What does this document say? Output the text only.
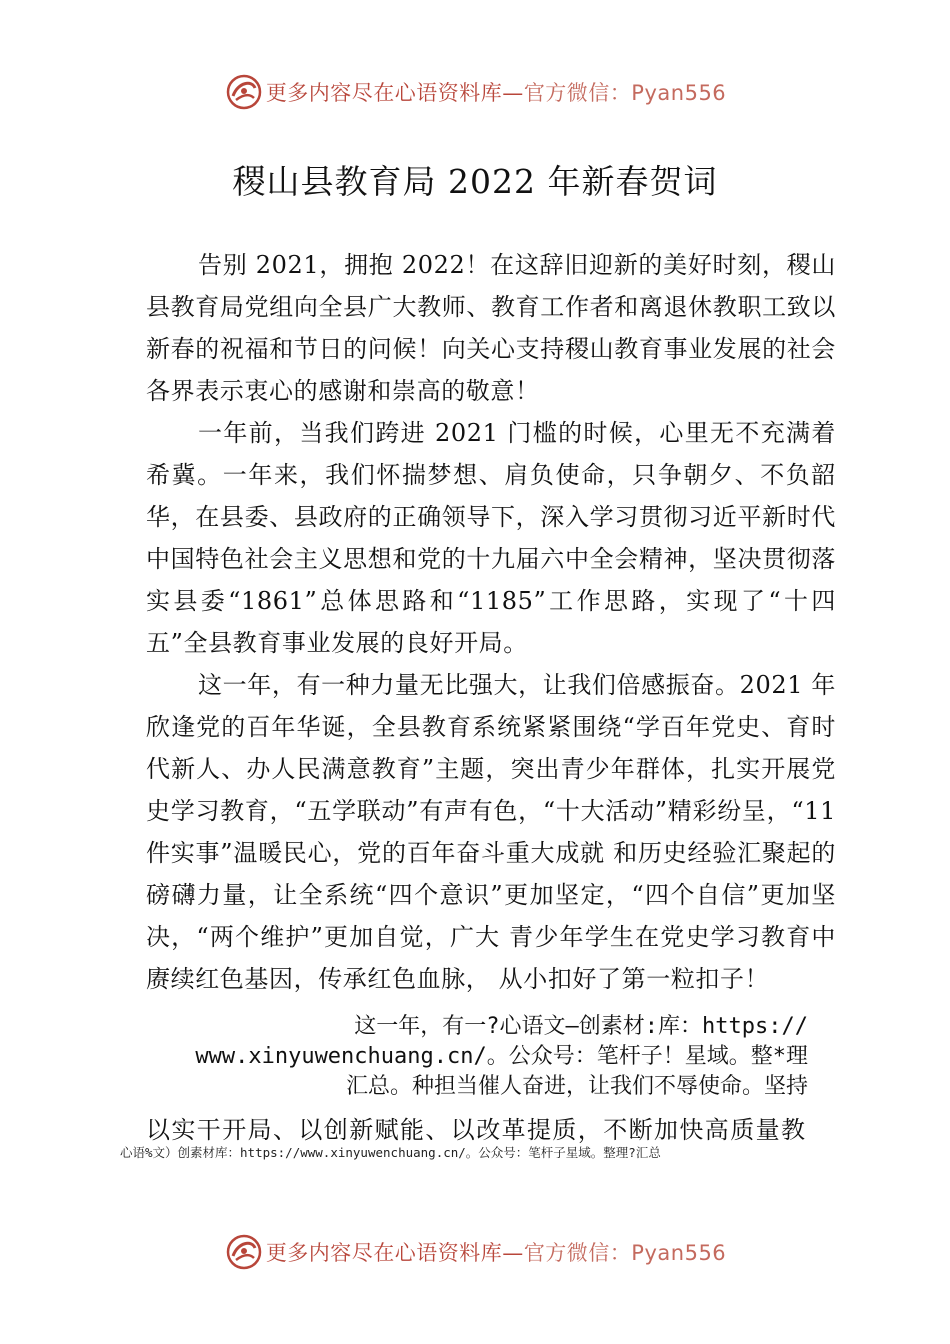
更多内容尽在心语资料库—官方微信：Pyan556
稷山县教育局 2022 年新春贺词

告别 2021，拥抱 2022！在这辞旧迎新的美好时刻，稷山县教育局党组向全县广大教师、教育工作者和离退休教职工致以新春的祝福和节日的问候！向关心支持稷山教育事业发展的社会各界表示衷心的感谢和崇高的敬意！

一年前，当我们跨进 2021 门槛的时候，心里无不充满着希冀。一年来，我们怀揣梦想、肩负使命，只争朝夕、不负韶华，在县委、县政府的正确领导下，深入学习贯彻习近平新时代中国特色社会主义思想和党的十九届六中全会精神，坚决贯彻落实县委“1861”总体思路和“1185”工作思路，实现了“十四五”全县教育事业发展的良好开局。

这一年，有一种力量无比强大，让我们倍感振奋。2021 年欣逢党的百年华诞，全县教育系统紧紧围绕“学百年党史、育时代新人、办人民满意教育”主题，突出青少年群体，扎实开展党史学习教育，“五学联动”有声有色，“十大活动”精彩纷呈，“11 件实事”温暖民心，党的百年奋斗重大成就 和历史经验汇聚起的磅礴力量，让全系统“四个意识”更加坚定，“四个自信”更加坚决，“两个维护”更加自觉，广大 青少年学生在党史学习教育中赓续红色基因，传承红色血脉， 从小扣好了第一粒扣子！

这一年，有一?心语文—创素材:库：https://
www.xinyuwenchuang.cn/。公众号：笔杆子！星域。整*理
汇总。种担当催人奋进，让我们不辱使命。坚持

以实干开局、以创新赋能、以改革提质，不断加快高质量教

心语%文）创素材库：https://www.xinyuwenchuang.cn/。公众号：笔杆子星域。整理?汇总

更多内容尽在心语资料库—官方微信：Pyan556
